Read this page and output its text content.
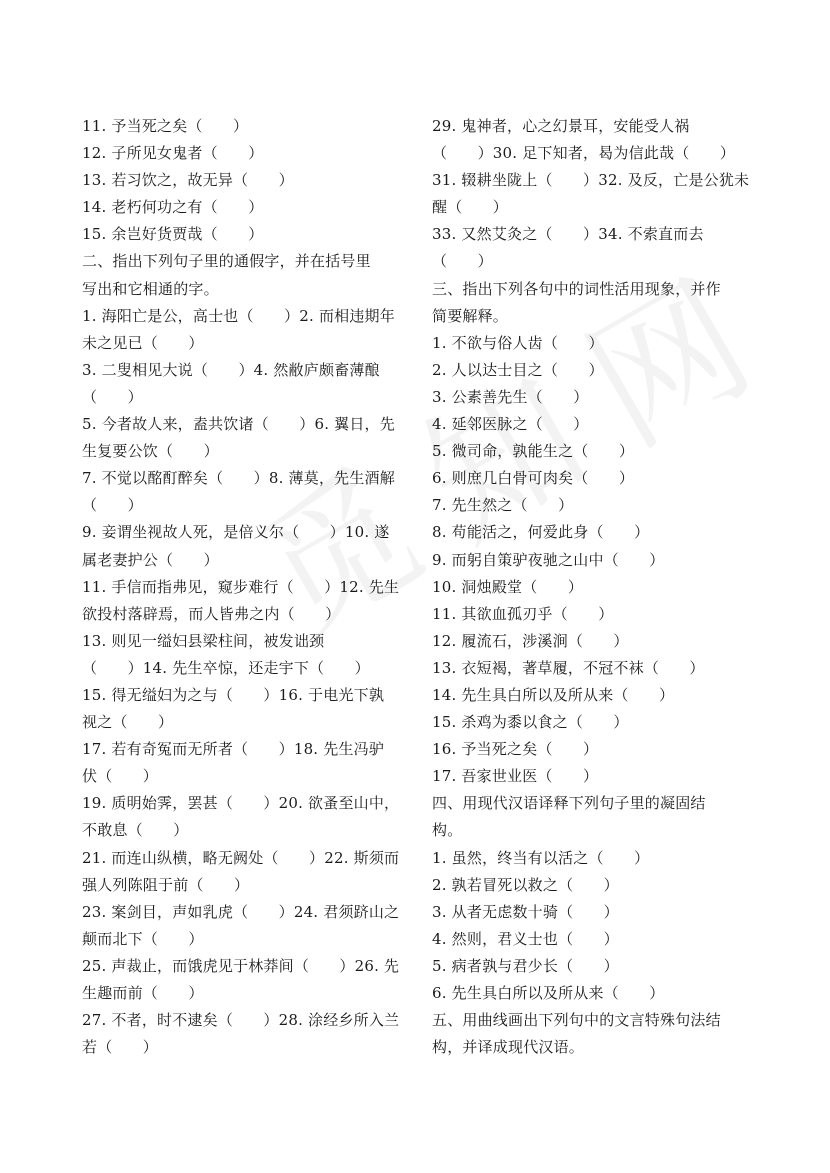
11. 予当死之矣（　　）
12. 子所见女鬼者（　　）
13. 若习饮之，故无异（　　）
14. 老朽何功之有（　　）
15. 余岂好货贾哉（　　）
二、指出下列句子里的通假字，并在括号里
写出和它相通的字。
1. 海阳亡是公，高士也（　　）2. 而相违期年
未之见已（　　）
3. 二叟相见大说（　　）4. 然敝庐颇畜薄酿
（　　）
5. 今者故人来，盍共饮诸（　　）6. 翼日，先
生复要公饮（　　）
7. 不觉以酩酊醉矣（　　）8. 薄莫，先生酒解
（　　）
9. 妾谓坐视故人死，是倍义尔（　　）10. 遂
属老妻护公（　　）
11. 手信而指弗见，窥步难行（　　）12. 先生
欲投村落辟焉，而人皆弗之内（　　）
13. 则见一缢妇县梁柱间，被发诎颈
（　　）14. 先生卒惊，还走宇下（　　）
15. 得无缢妇为之与（　　）16. 于电光下孰
视之（　　）
17. 若有奇冤而无所者（　　）18. 先生冯驴
伏（　　）
19. 质明始霁，罢甚（　　）20. 欲蚤至山中，
不敢息（　　）
21. 而连山纵横，略无阙处（　　）22. 斯须而
强人列陈阻于前（　　）
23. 案剑目，声如乳虎（　　）24. 君须跻山之
颠而北下（　　）
25. 声裁止，而饿虎见于林莽间（　　）26. 先
生趣而前（　　）
27. 不者，时不逮矣（　　）28. 涂经乡所入兰
若（　　）
29. 鬼神者，心之幻景耳，安能受人祸
（　　）30. 足下知者，曷为信此哉（　　）
31. 辍耕坐陇上（　　）32. 及反，亡是公犹未
醒（　　）
33. 又然艾灸之（　　）34. 不索直而去
（　　）
三、指出下列各句中的词性活用现象，并作
简要解释。
1. 不欲与俗人齿（　　）
2. 人以达士目之（　　）
3. 公素善先生（　　）
4. 延邻医脉之（　　）
5. 微司命，孰能生之（　　）
6. 则庶几白骨可肉矣（　　）
7. 先生然之（　　）
8. 苟能活之，何爱此身（　　）
9. 而躬自策驴夜驰之山中（　　）
10. 洞烛殿堂（　　）
11. 其欲血孤刃乎（　　）
12. 履流石，涉溪涧（　　）
13. 衣短褐，著草履，不冠不袜（　　）
14. 先生具白所以及所从来（　　）
15. 杀鸡为黍以食之（　　）
16. 予当死之矣（　　）
17. 吾家世业医（　　）
四、用现代汉语译释下列句子里的凝固结
构。
1. 虽然，终当有以活之（　　）
2. 孰若冒死以救之（　　）
3. 从者无虑数十骑（　　）
4. 然则，君义士也（　　）
5. 病者孰与君少长（　　）
6. 先生具白所以及所从来（　　）
五、用曲线画出下列句中的文言特殊句法结
构，并译成现代汉语。
